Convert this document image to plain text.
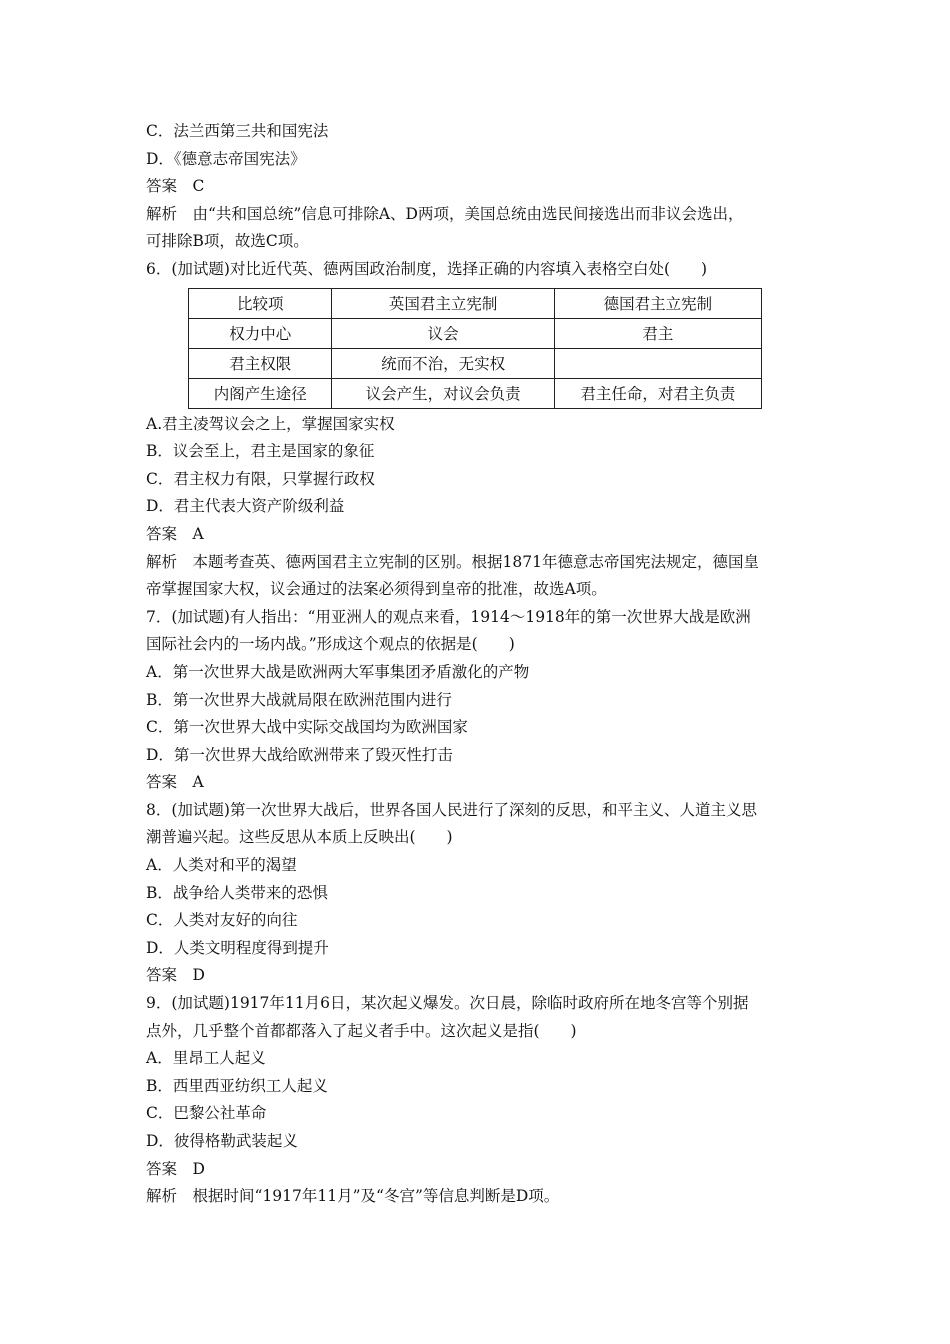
C．法兰西第三共和国宪法
D．《德意志帝国宪法》
答案　C
解析　由“共和国总统”信息可排除A、D两项，美国总统由选民间接选出而非议会选出，
可排除B项，故选C项。
6．(加试题)对比近代英、德两国政治制度，选择正确的内容填入表格空白处(　　)
比较项	英国君主立宪制	德国君主立宪制
权力中心	议会	君主
君主权限	统而不治，无实权	
内阁产生途径	议会产生，对议会负责	君主任命，对君主负责
A.君主凌驾议会之上，掌握国家实权
B．议会至上，君主是国家的象征
C．君主权力有限，只掌握行政权
D．君主代表大资产阶级利益
答案　A
解析　本题考查英、德两国君主立宪制的区别。根据1871年德意志帝国宪法规定，德国皇
帝掌握国家大权，议会通过的法案必须得到皇帝的批准，故选A项。
7．(加试题)有人指出：“用亚洲人的观点来看，1914～1918年的第一次世界大战是欧洲
国际社会内的一场内战。”形成这个观点的依据是(　　)
A．第一次世界大战是欧洲两大军事集团矛盾激化的产物
B．第一次世界大战就局限在欧洲范围内进行
C．第一次世界大战中实际交战国均为欧洲国家
D．第一次世界大战给欧洲带来了毁灭性打击
答案　A
8．(加试题)第一次世界大战后，世界各国人民进行了深刻的反思，和平主义、人道主义思
潮普遍兴起。这些反思从本质上反映出(　　)
A．人类对和平的渴望
B．战争给人类带来的恐惧
C．人类对友好的向往
D．人类文明程度得到提升
答案　D
9．(加试题)1917年11月6日，某次起义爆发。次日晨，除临时政府所在地冬宫等个别据
点外，几乎整个首都都落入了起义者手中。这次起义是指(　　)
A．里昂工人起义
B．西里西亚纺织工人起义
C．巴黎公社革命
D．彼得格勒武装起义
答案　D
解析　根据时间“1917年11月”及“冬宫”等信息判断是D项。
